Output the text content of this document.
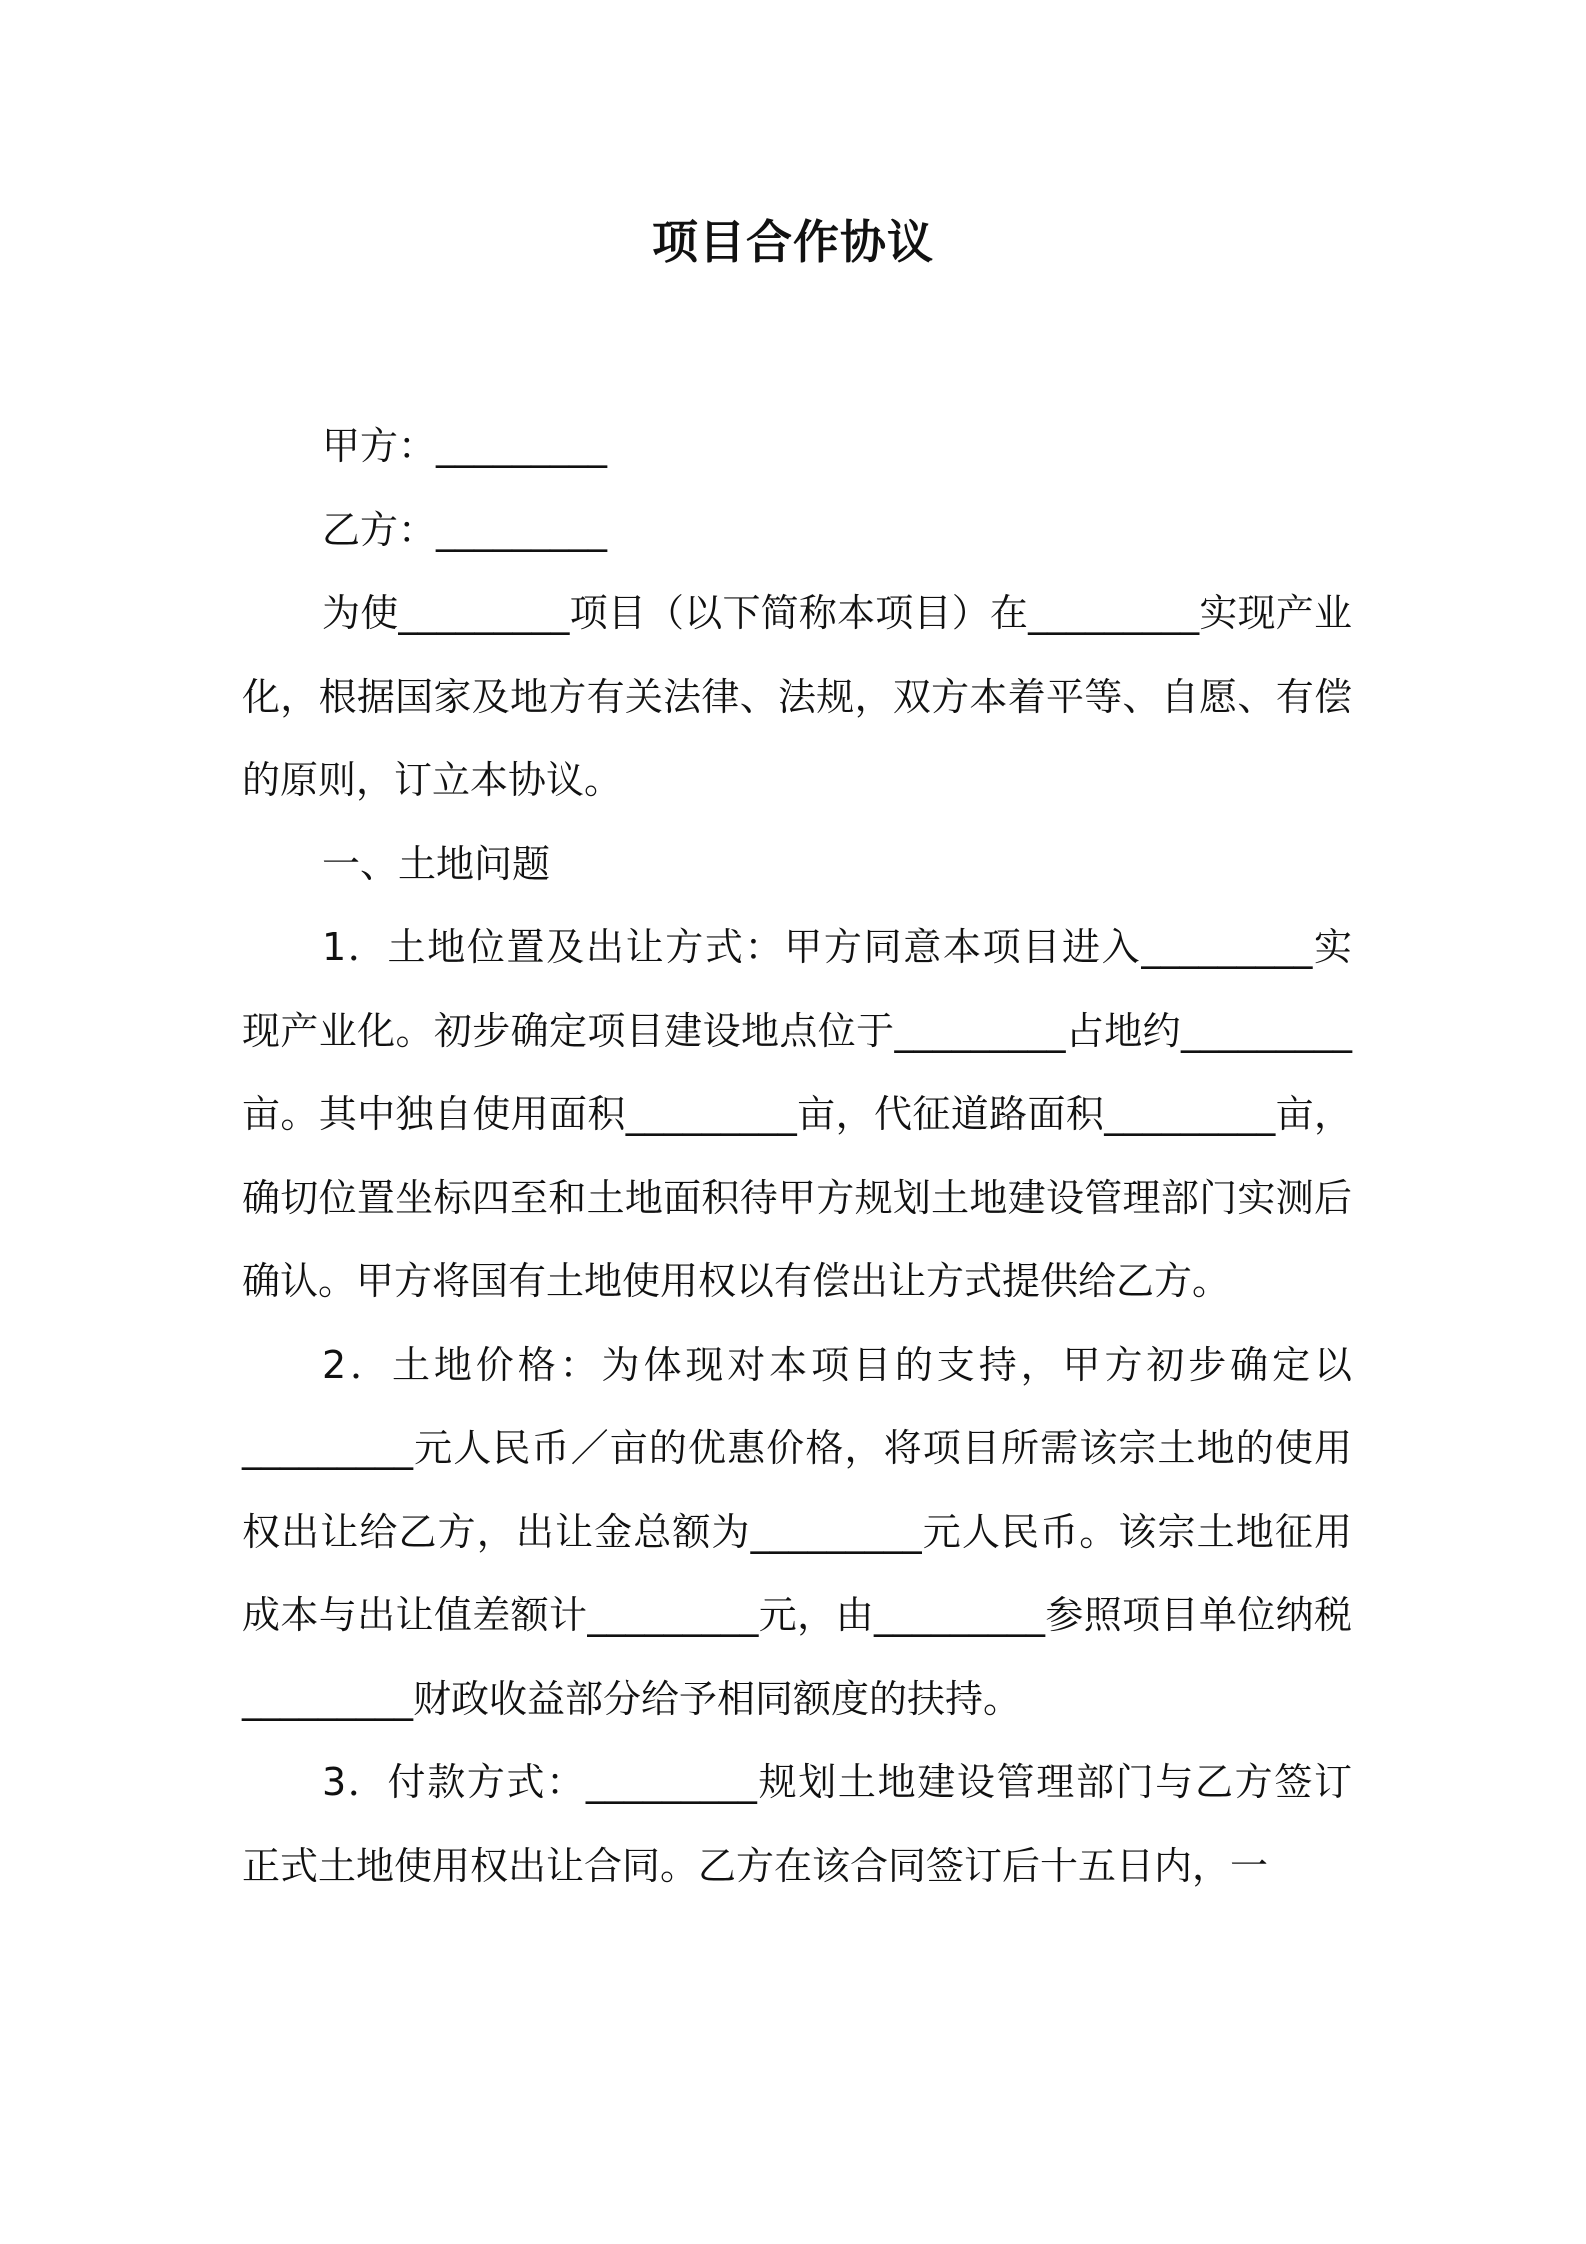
项目合作协议

甲方：_________

乙方：_________

为使_________项目（以下简称本项目）在_________实现产业化，根据国家及地方有关法律、法规，双方本着平等、自愿、有偿的原则，订立本协议。

一、土地问题

1．土地位置及出让方式：甲方同意本项目进入_________实现产业化。初步确定项目建设地点位于_________占地约_________亩。其中独自使用面积_________亩，代征道路面积_________亩，确切位置坐标四至和土地面积待甲方规划土地建设管理部门实测后确认。甲方将国有土地使用权以有偿出让方式提供给乙方。

2．土地价格：为体现对本项目的支持，甲方初步确定以_________元人民币／亩的优惠价格，将项目所需该宗土地的使用权出让给乙方，出让金总额为_________元人民币。该宗土地征用成本与出让值差额计_________元，由_________参照项目单位纳税_________财政收益部分给予相同额度的扶持。

3．付款方式：_________规划土地建设管理部门与乙方签订正式土地使用权出让合同。乙方在该合同签订后十五日内，一
